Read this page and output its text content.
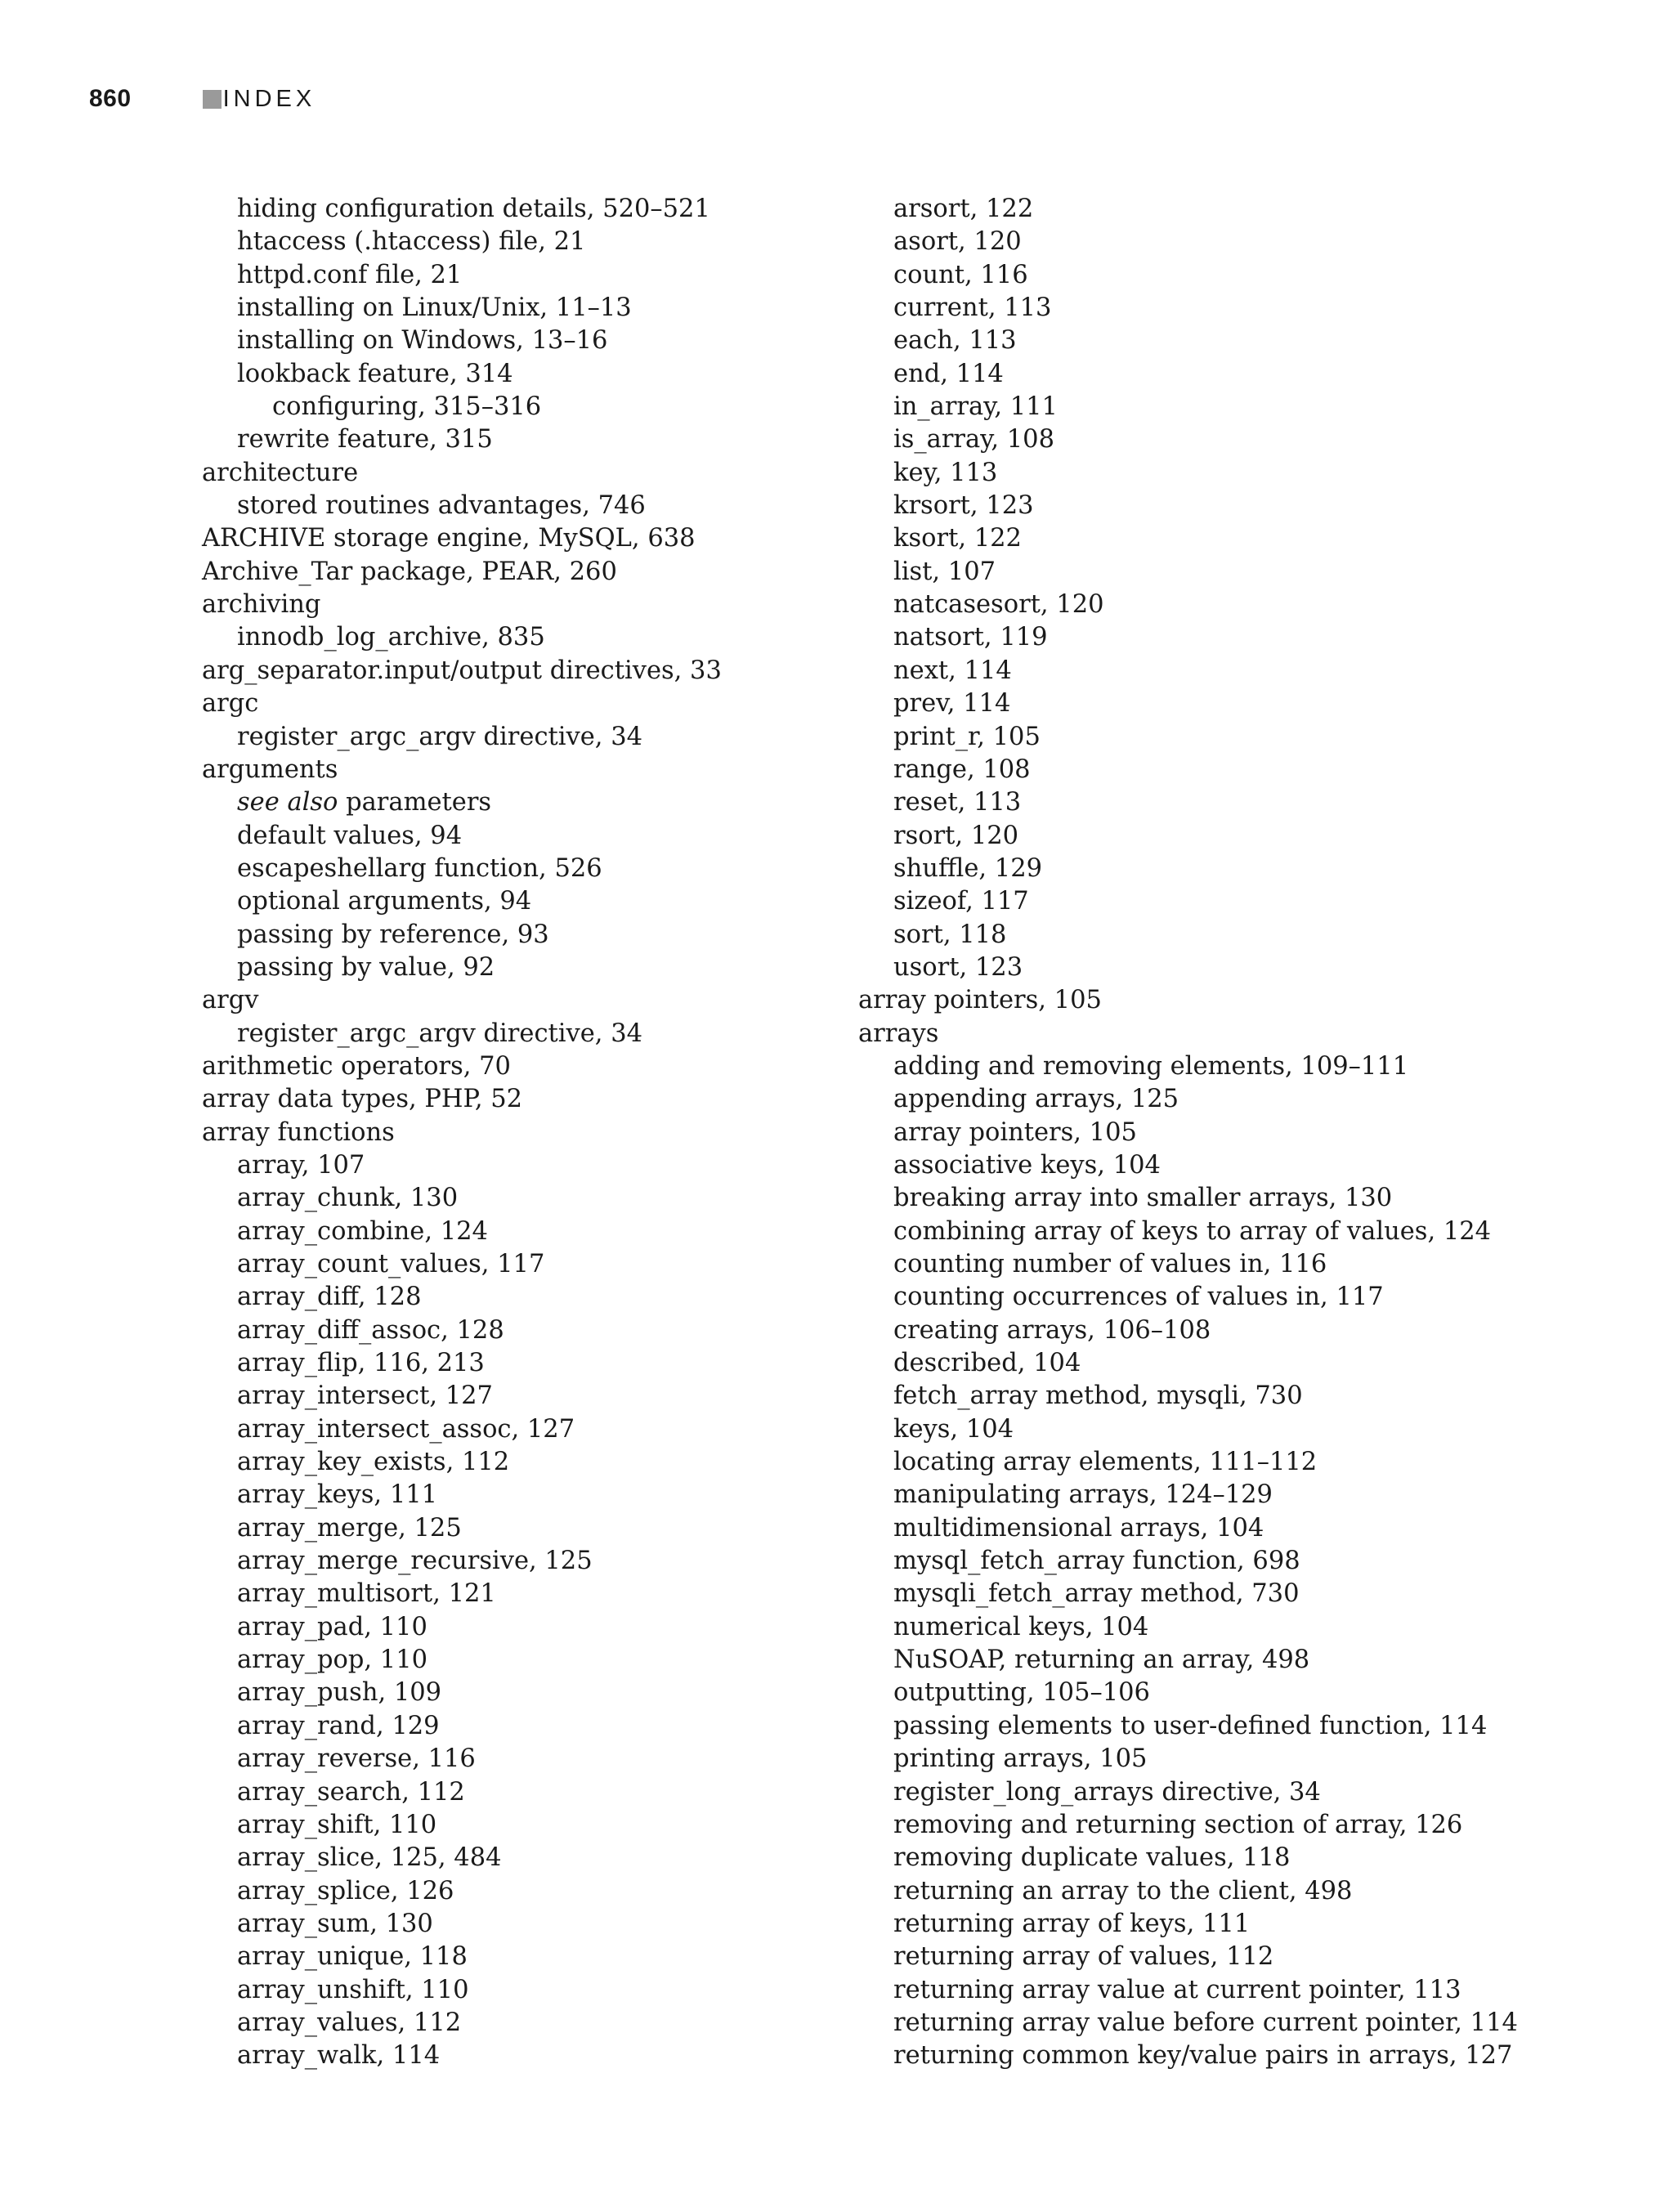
860	INDEX
hiding configuration details, 520–521
htaccess (.htaccess) file, 21
httpd.conf file, 21
installing on Linux/Unix, 11–13
installing on Windows, 13–16
lookback feature, 314
configuring, 315–316
rewrite feature, 315
architecture
stored routines advantages, 746
ARCHIVE storage engine, MySQL, 638
Archive_Tar package, PEAR, 260
archiving
innodb_log_archive, 835
arg_separator.input/output directives, 33
argc
register_argc_argv directive, 34
arguments
see also parameters
default values, 94
escapeshellarg function, 526
optional arguments, 94
passing by reference, 93
passing by value, 92
argv
register_argc_argv directive, 34
arithmetic operators, 70
array data types, PHP, 52
array functions
array, 107
array_chunk, 130
array_combine, 124
array_count_values, 117
array_diff, 128
array_diff_assoc, 128
array_flip, 116, 213
array_intersect, 127
array_intersect_assoc, 127
array_key_exists, 112
array_keys, 111
array_merge, 125
array_merge_recursive, 125
array_multisort, 121
array_pad, 110
array_pop, 110
array_push, 109
array_rand, 129
array_reverse, 116
array_search, 112
array_shift, 110
array_slice, 125, 484
array_splice, 126
array_sum, 130
array_unique, 118
array_unshift, 110
array_values, 112
array_walk, 114
arsort, 122
asort, 120
count, 116
current, 113
each, 113
end, 114
in_array, 111
is_array, 108
key, 113
krsort, 123
ksort, 122
list, 107
natcasesort, 120
natsort, 119
next, 114
prev, 114
print_r, 105
range, 108
reset, 113
rsort, 120
shuffle, 129
sizeof, 117
sort, 118
usort, 123
array pointers, 105
arrays
adding and removing elements, 109–111
appending arrays, 125
array pointers, 105
associative keys, 104
breaking array into smaller arrays, 130
combining array of keys to array of values, 124
counting number of values in, 116
counting occurrences of values in, 117
creating arrays, 106–108
described, 104
fetch_array method, mysqli, 730
keys, 104
locating array elements, 111–112
manipulating arrays, 124–129
multidimensional arrays, 104
mysql_fetch_array function, 698
mysqli_fetch_array method, 730
numerical keys, 104
NuSOAP, returning an array, 498
outputting, 105–106
passing elements to user-defined function, 114
printing arrays, 105
register_long_arrays directive, 34
removing and returning section of array, 126
removing duplicate values, 118
returning an array to the client, 498
returning array of keys, 111
returning array of values, 112
returning array value at current pointer, 113
returning array value before current pointer, 114
returning common key/value pairs in arrays, 127
